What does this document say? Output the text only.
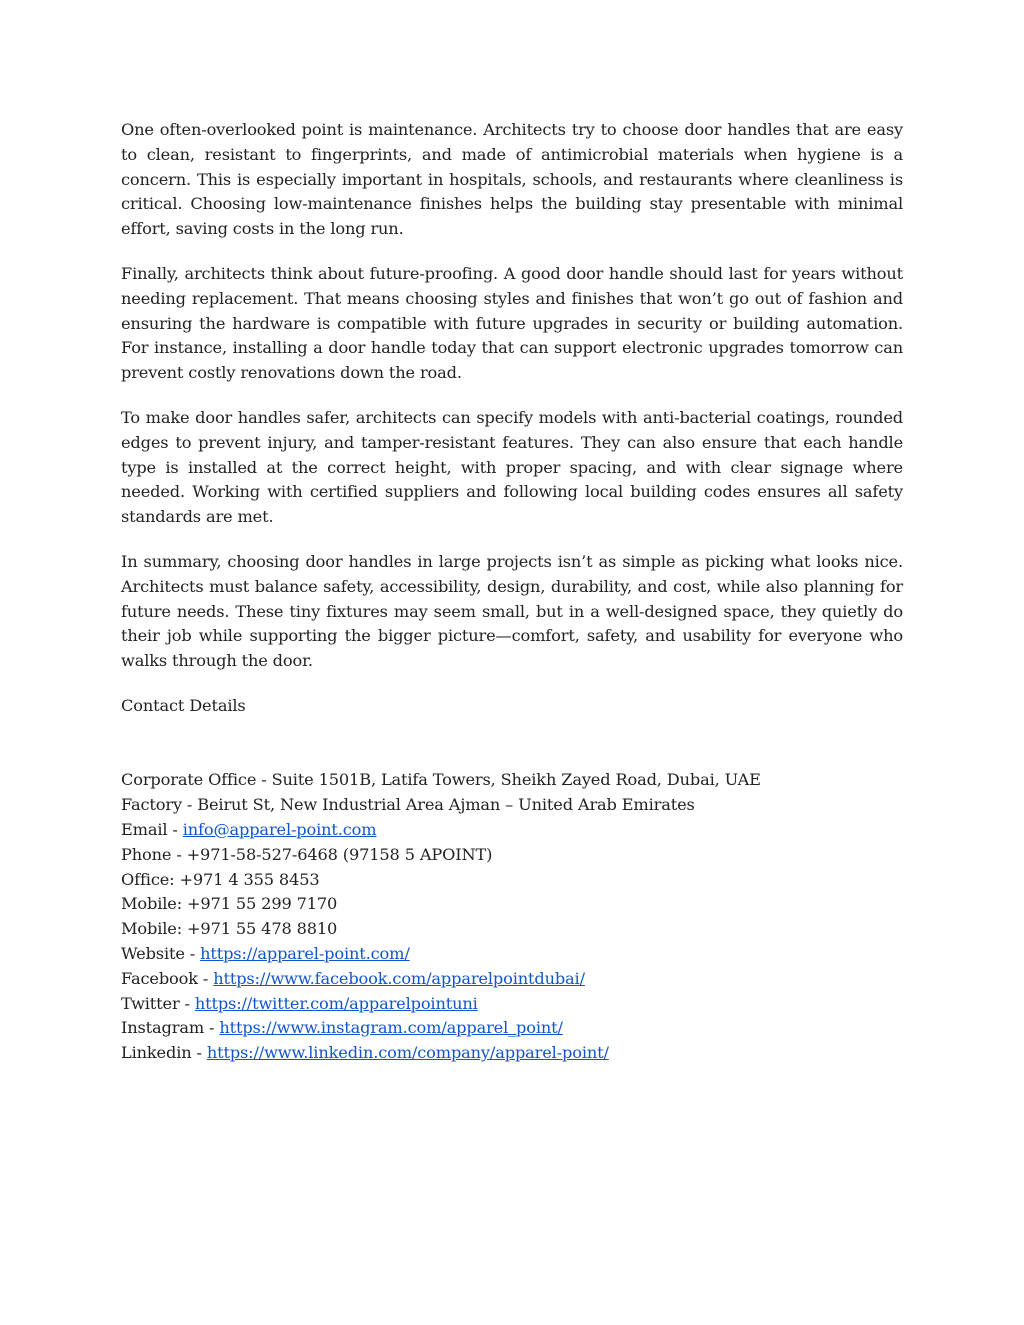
One often-overlooked point is maintenance. Architects try to choose door handles that are easy to clean, resistant to fingerprints, and made of antimicrobial materials when hygiene is a concern. This is especially important in hospitals, schools, and restaurants where cleanliness is critical. Choosing low-maintenance finishes helps the building stay presentable with minimal effort, saving costs in the long run.

Finally, architects think about future-proofing. A good door handle should last for years without needing replacement. That means choosing styles and finishes that won’t go out of fashion and ensuring the hardware is compatible with future upgrades in security or building automation. For instance, installing a door handle today that can support electronic upgrades tomorrow can prevent costly renovations down the road.

To make door handles safer, architects can specify models with anti-bacterial coatings, rounded edges to prevent injury, and tamper-resistant features. They can also ensure that each handle type is installed at the correct height, with proper spacing, and with clear signage where needed. Working with certified suppliers and following local building codes ensures all safety standards are met.

In summary, choosing door handles in large projects isn’t as simple as picking what looks nice. Architects must balance safety, accessibility, design, durability, and cost, while also planning for future needs. These tiny fixtures may seem small, but in a well-designed space, they quietly do their job while supporting the bigger picture—comfort, safety, and usability for everyone who walks through the door.

Contact Details

Corporate Office - Suite 1501B, Latifa Towers, Sheikh Zayed Road, Dubai, UAE
Factory - Beirut St, New Industrial Area Ajman – United Arab Emirates
Email - info@apparel-point.com
Phone - +971-58-527-6468 (97158 5 APOINT)
Office: +971 4 355 8453
Mobile: +971 55 299 7170
Mobile: +971 55 478 8810
Website - https://apparel-point.com/
Facebook - https://www.facebook.com/apparelpointdubai/
Twitter - https://twitter.com/apparelpointuni
Instagram - https://www.instagram.com/apparel_point/
Linkedin - https://www.linkedin.com/company/apparel-point/
